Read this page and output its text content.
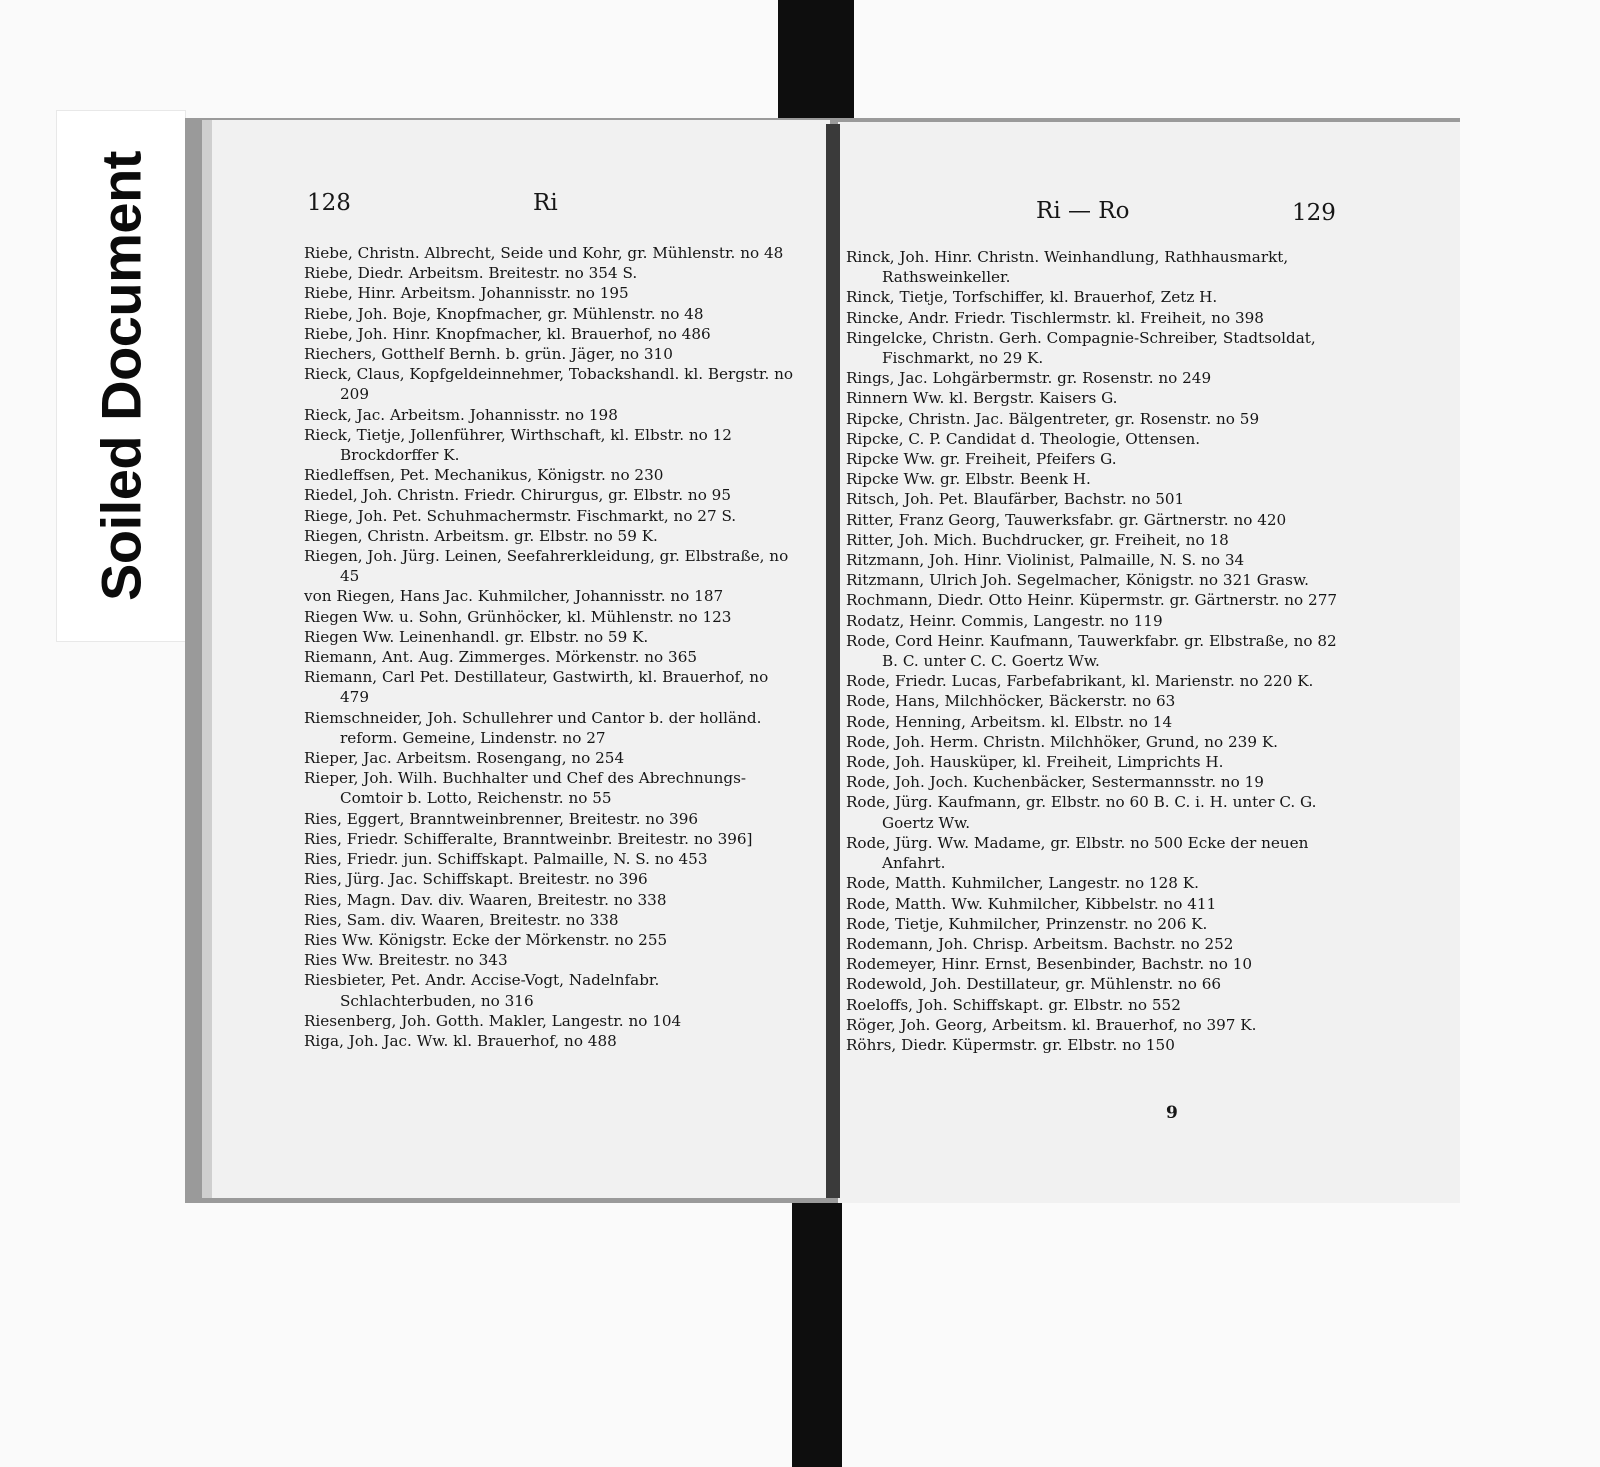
Soiled Document	128	Ri	Ri — Ro	129
Riebe, Christn. Albrecht, Seide und Kohr, gr. Mühlenstr. no 48
Riebe, Diedr. Arbeitsm. Breitestr. no 354 S.
Riebe, Hinr. Arbeitsm. Johannisstr. no 195
Riebe, Joh. Boje, Knopfmacher, gr. Mühlenstr. no 48
Riebe, Joh. Hinr. Knopfmacher, kl. Brauerhof, no 486
Riechers, Gotthelf Bernh. b. grün. Jäger, no 310
Rieck, Claus, Kopfgeldeinnehmer, Tobackshandl. kl. Bergstr. no 209
Rieck, Jac. Arbeitsm. Johannisstr. no 198
Rieck, Tietje, Jollenführer, Wirthschaft, kl. Elbstr. no 12 Brockdorffer K.
Riedleffsen, Pet. Mechanikus, Königstr. no 230
Riedel, Joh. Christn. Friedr. Chirurgus, gr. Elbstr. no 95
Riege, Joh. Pet. Schuhmachermstr. Fischmarkt, no 27 S.
Riegen, Christn. Arbeitsm. gr. Elbstr. no 59 K.
Riegen, Joh. Jürg. Leinen, Seefahrerkleidung, gr. Elbstraße, no 45
von Riegen, Hans Jac. Kuhmilcher, Johannisstr. no 187
Riegen Ww. u. Sohn, Grünhöcker, kl. Mühlenstr. no 123
Riegen Ww. Leinenhandl. gr. Elbstr. no 59 K.
Riemann, Ant. Aug. Zimmerges. Mörkenstr. no 365
Riemann, Carl Pet. Destillateur, Gastwirth, kl. Brauerhof, no 479
Riemschneider, Joh. Schullehrer und Cantor b. der holländ. reform. Gemeine, Lindenstr. no 27
Rieper, Jac. Arbeitsm. Rosengang, no 254
Rieper, Joh. Wilh. Buchhalter und Chef des Abrechnungs-Comtoir b. Lotto, Reichenstr. no 55
Ries, Eggert, Branntweinbrenner, Breitestr. no 396
Ries, Friedr. Schifferalte, Branntweinbr. Breitestr. no 396]
Ries, Friedr. jun. Schiffskapt. Palmaille, N. S. no 453
Ries, Jürg. Jac. Schiffskapt. Breitestr. no 396
Ries, Magn. Dav. div. Waaren, Breitestr. no 338
Ries, Sam. div. Waaren, Breitestr. no 338
Ries Ww. Königstr. Ecke der Mörkenstr. no 255
Ries Ww. Breitestr. no 343
Riesbieter, Pet. Andr. Accise-Vogt, Nadelnfabr. Schlachterbuden, no 316
Riesenberg, Joh. Gotth. Makler, Langestr. no 104
Riga, Joh. Jac. Ww. kl. Brauerhof, no 488
Rinck, Joh. Hinr. Christn. Weinhandlung, Rathhausmarkt, Rathsweinkeller.
Rinck, Tietje, Torfschiffer, kl. Brauerhof, Zetz H.
Rincke, Andr. Friedr. Tischlermstr. kl. Freiheit, no 398
Ringelcke, Christn. Gerh. Compagnie-Schreiber, Stadtsoldat, Fischmarkt, no 29 K.
Rings, Jac. Lohgärbermstr. gr. Rosenstr. no 249
Rinnern Ww. kl. Bergstr. Kaisers G.
Ripcke, Christn. Jac. Bälgentreter, gr. Rosenstr. no 59
Ripcke, C. P. Candidat d. Theologie, Ottensen.
Ripcke Ww. gr. Freiheit, Pfeifers G.
Ripcke Ww. gr. Elbstr. Beenk H.
Ritsch, Joh. Pet. Blaufärber, Bachstr. no 501
Ritter, Franz Georg, Tauwerksfabr. gr. Gärtnerstr. no 420
Ritter, Joh. Mich. Buchdrucker, gr. Freiheit, no 18
Ritzmann, Joh. Hinr. Violinist, Palmaille, N. S. no 34
Ritzmann, Ulrich Joh. Segelmacher, Königstr. no 321 Grasw.
Rochmann, Diedr. Otto Heinr. Küpermstr. gr. Gärtnerstr. no 277
Rodatz, Heinr. Commis, Langestr. no 119
Rode, Cord Heinr. Kaufmann, Tauwerkfabr. gr. Elbstraße, no 82 B. C. unter C. C. Goertz Ww.
Rode, Friedr. Lucas, Farbefabrikant, kl. Marienstr. no 220 K.
Rode, Hans, Milchhöcker, Bäckerstr. no 63
Rode, Henning, Arbeitsm. kl. Elbstr. no 14
Rode, Joh. Herm. Christn. Milchhöker, Grund, no 239 K.
Rode, Joh. Hausküper, kl. Freiheit, Limprichts H.
Rode, Joh. Joch. Kuchenbäcker, Sestermannsstr. no 19
Rode, Jürg. Kaufmann, gr. Elbstr. no 60 B. C. i. H. unter C. G. Goertz Ww.
Rode, Jürg. Ww. Madame, gr. Elbstr. no 500 Ecke der neuen Anfahrt.
Rode, Matth. Kuhmilcher, Langestr. no 128 K.
Rode, Matth. Ww. Kuhmilcher, Kibbelstr. no 411
Rode, Tietje, Kuhmilcher, Prinzenstr. no 206 K.
Rodemann, Joh. Chrisp. Arbeitsm. Bachstr. no 252
Rodemeyer, Hinr. Ernst, Besenbinder, Bachstr. no 10
Rodewold, Joh. Destillateur, gr. Mühlenstr. no 66
Roeloffs, Joh. Schiffskapt. gr. Elbstr. no 552
Röger, Joh. Georg, Arbeitsm. kl. Brauerhof, no 397 K.
Röhrs, Diedr. Küpermstr. gr. Elbstr. no 150
9
